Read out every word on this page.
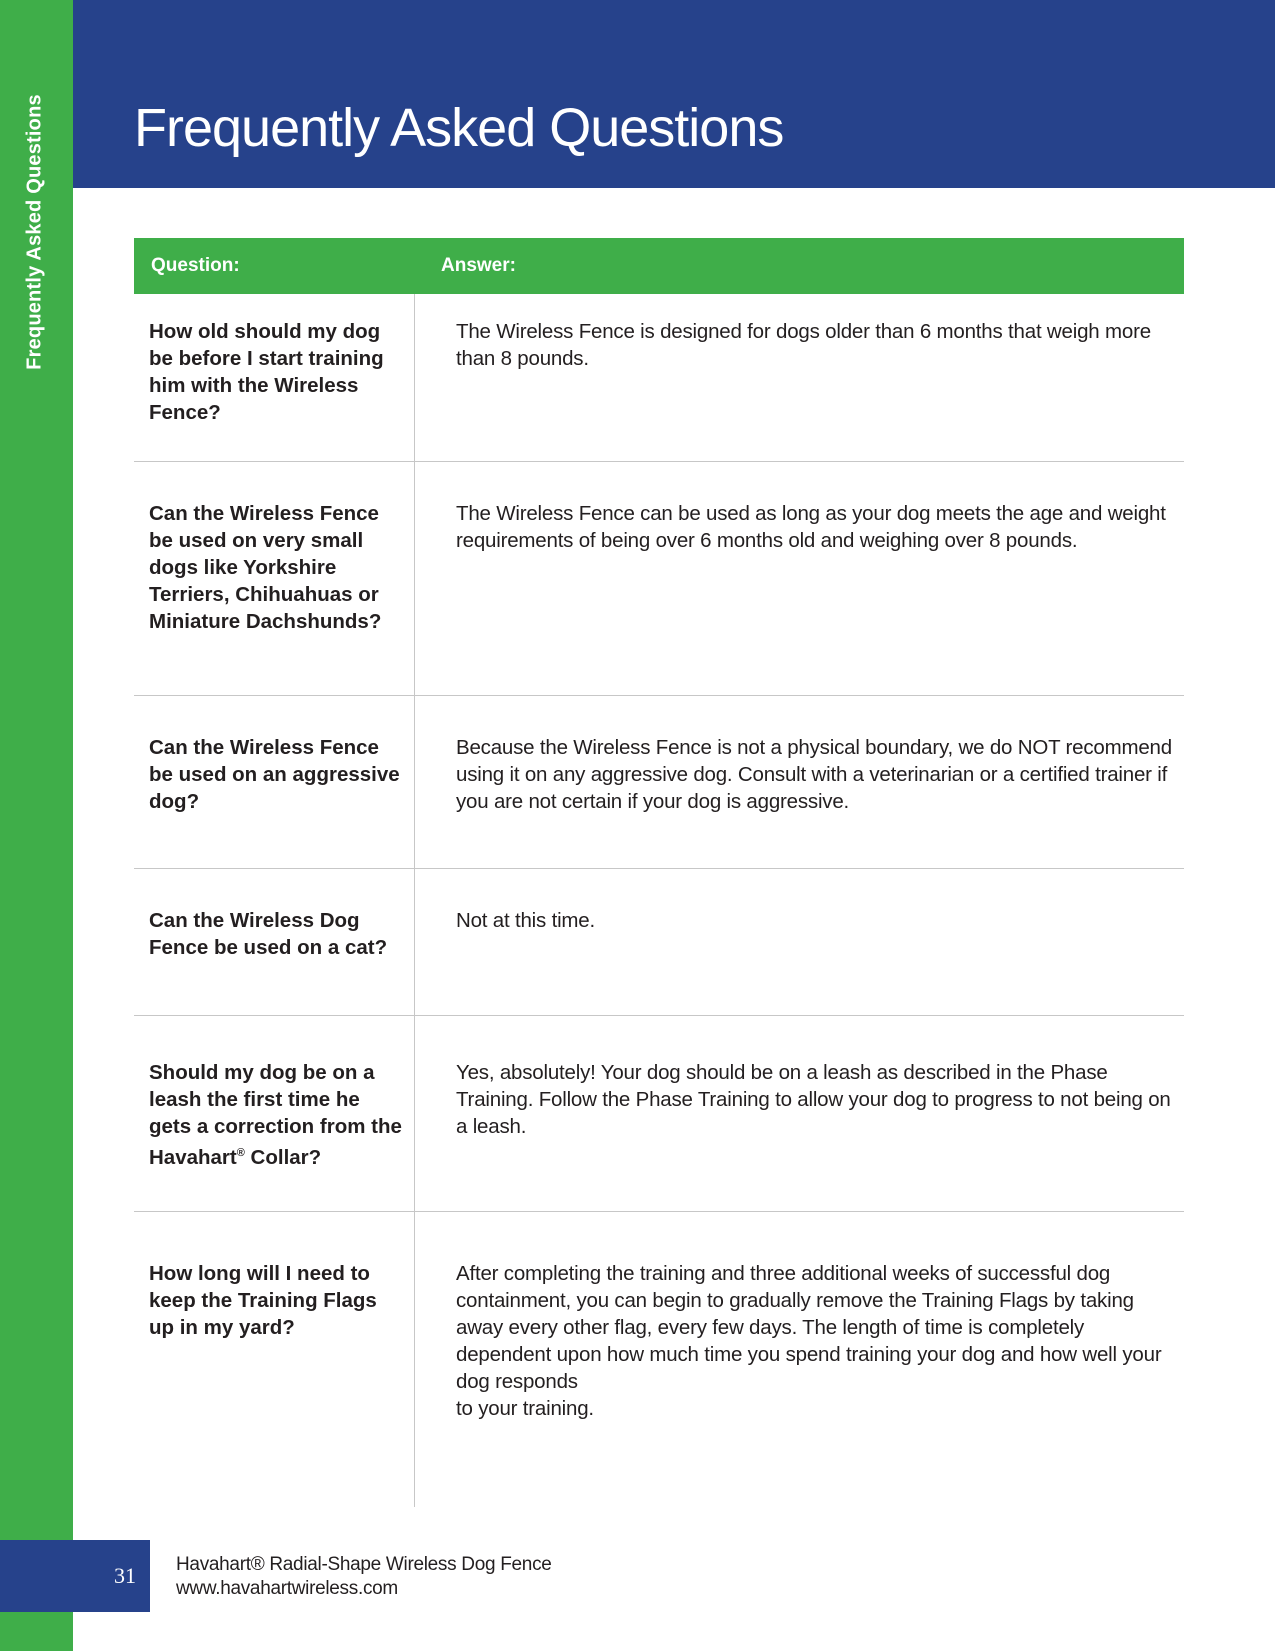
Frequently Asked Questions Frequently Asked Questions
Question:	Answer:
How old should my dog be before I start training him with the Wireless Fence?
The Wireless Fence is designed for dogs older than 6 months that weigh more than 8 pounds.
Can the Wireless Fence be used on very small dogs like Yorkshire Terriers, Chihuahuas or Miniature Dachshunds?
The Wireless Fence can be used as long as your dog meets the age and weight requirements of being over 6 months old and weighing over 8 pounds.
Can the Wireless Fence be used on an aggressive dog?
Because the Wireless Fence is not a physical boundary, we do NOT recommend using it on any aggressive dog. Consult with a veterinarian or a certified trainer if you are not certain if your dog is aggressive.
Can the Wireless Dog Fence be used on a cat?
Not at this time.
Should my dog be on a leash the first time he gets a correction from the Havahart® Collar?
Yes, absolutely! Your dog should be on a leash as described in the Phase Training. Follow the Phase Training to allow your dog to progress to not being on a leash.
How long will I need to keep the Training Flags up in my yard?
After completing the training and three additional weeks of successful dog containment, you can begin to gradually remove the Training Flags by taking away every other flag, every few days. The length of time is completely dependent upon how much time you spend training your dog and how well your dog responds
to your training.
31	Havahart® Radial-Shape Wireless Dog Fence
www.havahartwireless.com
